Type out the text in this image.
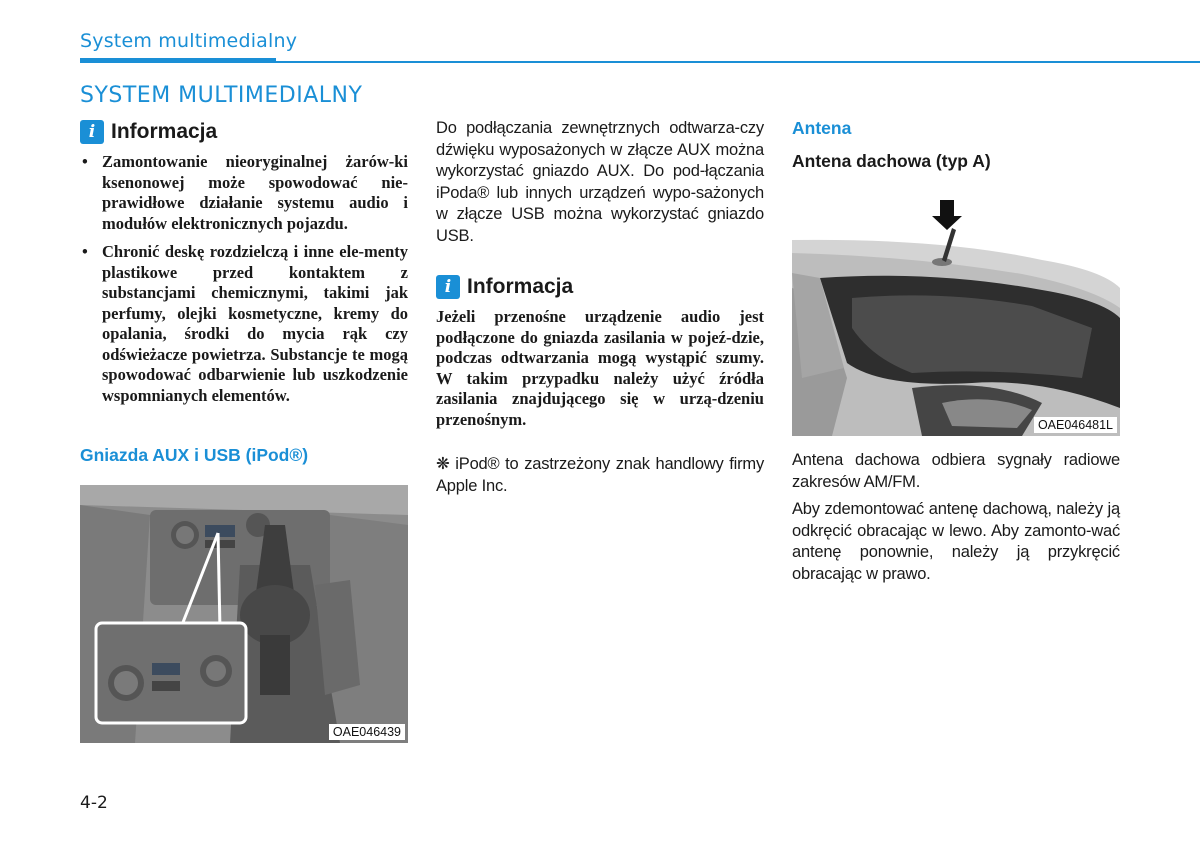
System multimedialny
SYSTEM MULTIMEDIALNY
i Informacja
• Zamontowanie nieoryginalnej żarów-ki ksenonowej może spowodować nie-prawidłowe działanie systemu audio i modułów elektronicznych pojazdu.
• Chronić deskę rozdzielczą i inne ele-menty plastikowe przed kontaktem z substancjami chemicznymi, takimi jak perfumy, olejki kosmetyczne, kremy do opalania, środki do mycia rąk czy odświeżacze powietrza. Substancje te mogą spowodować odbarwienie lub uszkodzenie wspomnianych elementów.

Gniazda AUX i USB (iPod®)

OAE046439

Do podłączania zewnętrznych odtwarza-czy dźwięku wyposażonych w złącze AUX można wykorzystać gniazdo AUX. Do pod-łączania iPoda® lub innych urządzeń wypo-sażonych w złącze USB można wykorzystać gniazdo USB.

i Informacja

Jeżeli przenośne urządzenie audio jest podłączone do gniazda zasilania w pojeź-dzie, podczas odtwarzania mogą wystąpić szumy. W takim przypadku należy użyć źródła zasilania znajdującego się w urzą-dzeniu przenośnym.

❋ iPod® to zastrzeżony znak handlowy firmy Apple Inc.

Antena

Antena dachowa (typ A)

OAE046481L

Antena dachowa odbiera sygnały radiowe zakresów AM/FM.

Aby zdemontować antenę dachową, należy ją odkręcić obracając w lewo. Aby zamonto-wać antenę ponownie, należy ją przykręcić obracając w prawo.

4-2
